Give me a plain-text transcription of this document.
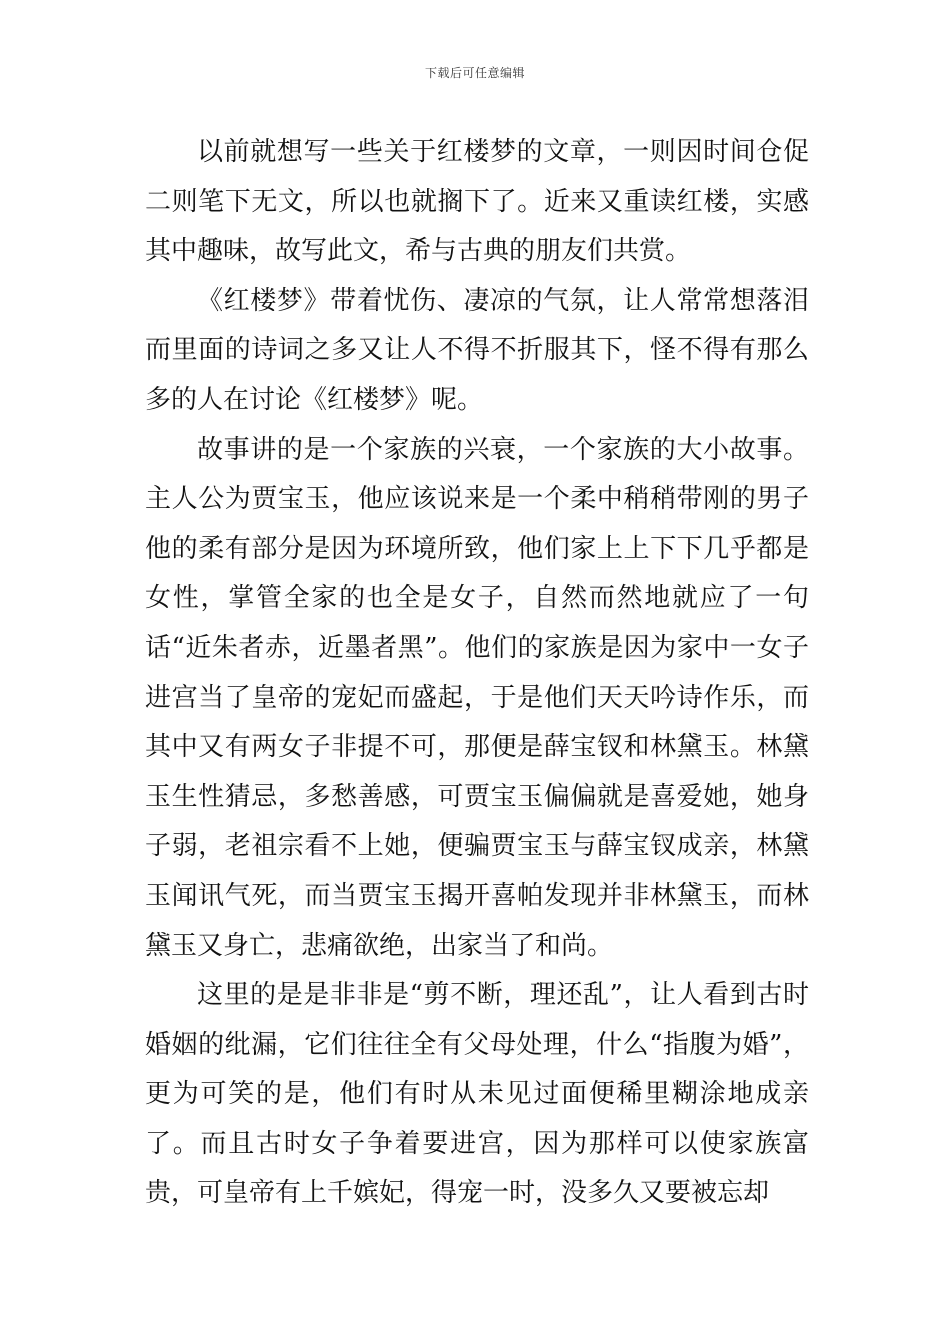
下载后可任意编辑

以前就想写一些关于红楼梦的文章，一则因时间仓促二则笔下无文，所以也就搁下了。近来又重读红楼，实感其中趣味，故写此文，希与古典的朋友们共赏。

《红楼梦》带着忧伤、凄凉的气氛，让人常常想落泪而里面的诗词之多又让人不得不折服其下，怪不得有那么多的人在讨论《红楼梦》呢。

故事讲的是一个家族的兴衰，一个家族的大小故事。主人公为贾宝玉，他应该说来是一个柔中稍稍带刚的男子他的柔有部分是因为环境所致，他们家上上下下几乎都是女性，掌管全家的也全是女子，自然而然地就应了一句话“近朱者赤，近墨者黑”。他们的家族是因为家中一女子进宫当了皇帝的宠妃而盛起，于是他们天天吟诗作乐，而其中又有两女子非提不可，那便是薛宝钗和林黛玉。林黛玉生性猜忌，多愁善感，可贾宝玉偏偏就是喜爱她，她身子弱，老祖宗看不上她，便骗贾宝玉与薛宝钗成亲，林黛玉闻讯气死，而当贾宝玉揭开喜帕发现并非林黛玉，而林黛玉又身亡，悲痛欲绝，出家当了和尚。

这里的是是非非是“剪不断，理还乱”，让人看到古时婚姻的纰漏，它们往往全有父母处理，什么“指腹为婚”，更为可笑的是，他们有时从未见过面便稀里糊涂地成亲了。而且古时女子争着要进宫，因为那样可以使家族富贵，可皇帝有上千嫔妃，得宠一时，没多久又要被忘却
